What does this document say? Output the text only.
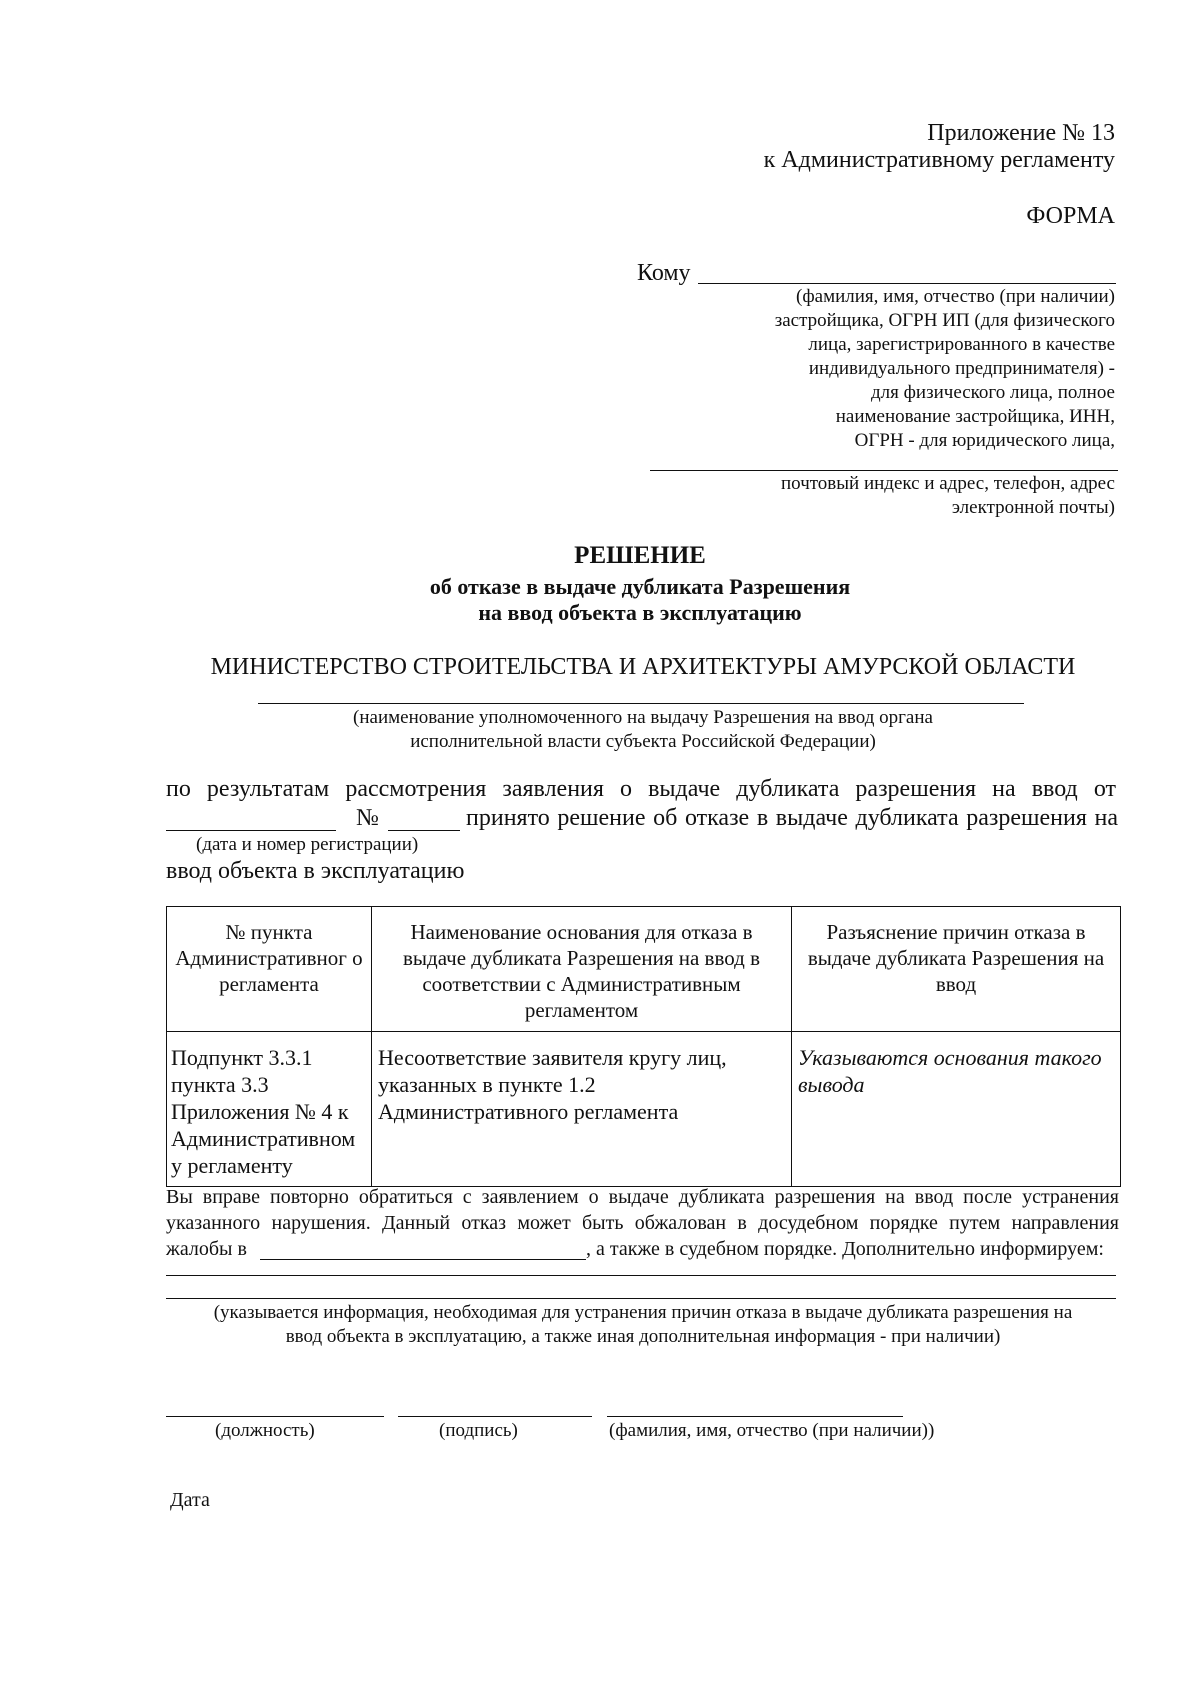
Приложение № 13
к Административному регламенту
ФОРМА
Кому
(фамилия, имя, отчество (при наличии)
застройщика, ОГРН ИП (для физического
лица, зарегистрированного в качестве
индивидуального предпринимателя) -
для физического лица, полное
наименование застройщика, ИНН,
ОГРН - для юридического лица,
почтовый индекс и адрес, телефон, адрес
электронной почты)
РЕШЕНИЕ
об отказе в выдаче дубликата Разрешения
на ввод объекта в эксплуатацию
МИНИСТЕРСТВО СТРОИТЕЛЬСТВА И АРХИТЕКТУРЫ АМУРСКОЙ ОБЛАСТИ
(наименование уполномоченного на выдачу Разрешения на ввод органа
исполнительной власти субъекта Российской Федерации)
по результатам рассмотрения заявления о выдаче дубликата разрешения на ввод от
№	принято решение об отказе в выдаче дубликата разрешения на
(дата и номер регистрации)
ввод объекта в эксплуатацию
№ пункта Административног о регламента	Наименование основания для отказа в выдаче дубликата Разрешения на ввод в соответствии с Административным регламентом	Разъяснение причин отказа в выдаче дубликата Разрешения на ввод
Подпункт 3.3.1 пункта 3.3 Приложения № 4 к Административном у регламенту	Несоответствие заявителя кругу лиц, указанных в пункте 1.2 Административного регламента	Указываются основания такого вывода
Вы вправе повторно обратиться с заявлением о выдаче дубликата разрешения на ввод после устранения
указанного нарушения. Данный отказ может быть обжалован в досудебном порядке путем направления
жалобы в	, а также в судебном порядке. Дополнительно информируем:
(указывается информация, необходимая для устранения причин отказа в выдаче дубликата разрешения на
ввод объекта в эксплуатацию, а также иная дополнительная информация - при наличии)
(должность)	(подпись)	(фамилия, имя, отчество (при наличии))
Дата
